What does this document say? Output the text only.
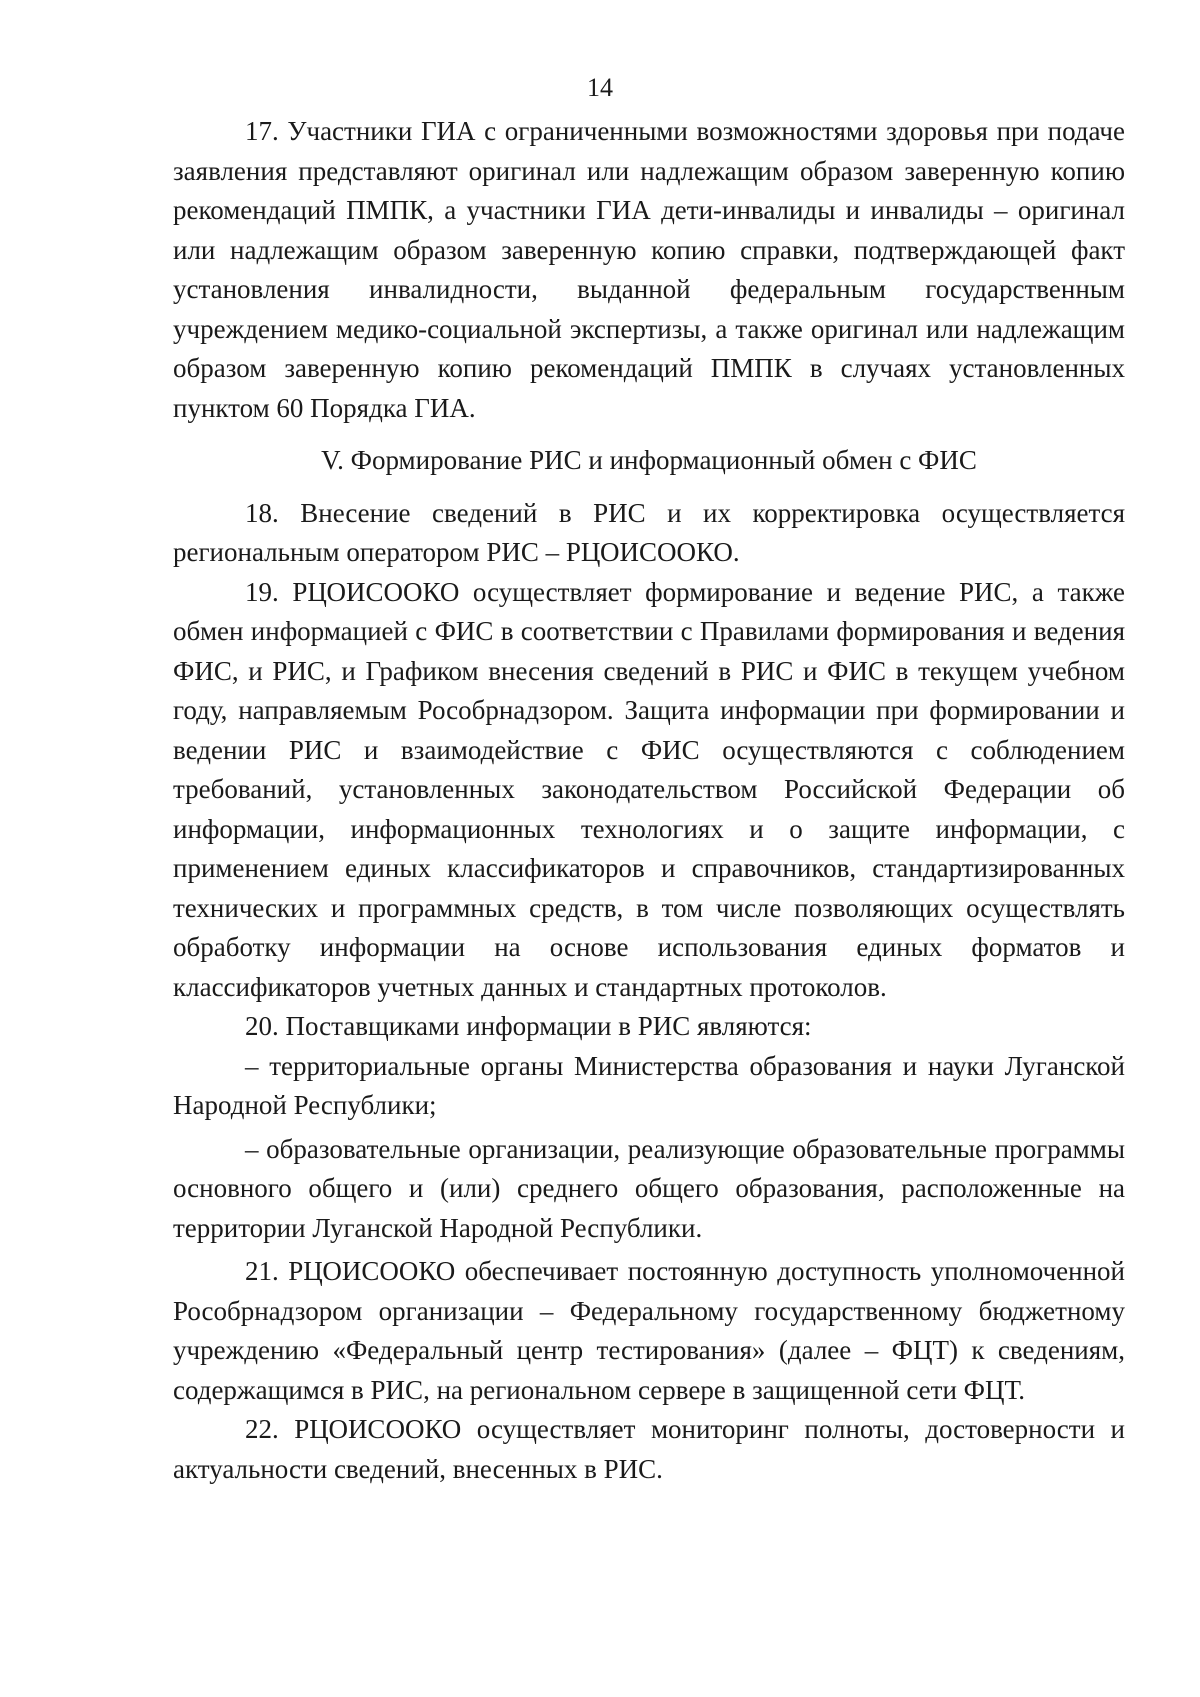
14

17. Участники ГИА с ограниченными возможностями здоровья при подаче заявления представляют оригинал или надлежащим образом заверенную копию рекомендаций ПМПК, а участники ГИА дети-инвалиды и инвалиды – оригинал или надлежащим образом заверенную копию справки, подтверждающей факт установления инвалидности, выданной федеральным государственным учреждением медико-социальной экспертизы, а также оригинал или надлежащим образом заверенную копию рекомендаций ПМПК в случаях установленных пунктом 60 Порядка ГИА.

V. Формирование РИС и информационный обмен с ФИС

18. Внесение сведений в РИС и их корректировка осуществляется региональным оператором РИС – РЦОИСООКО.

19. РЦОИСООКО осуществляет формирование и ведение РИС, а также обмен информацией с ФИС в соответствии с Правилами формирования и ведения ФИС, и РИС, и Графиком внесения сведений в РИС и ФИС в текущем учебном году, направляемым Рособрнадзором. Защита информации при формировании и ведении РИС и взаимодействие с ФИС осуществляются с соблюдением требований, установленных законодательством Российской Федерации об информации, информационных технологиях и о защите информации, с применением единых классификаторов и справочников, стандартизированных технических и программных средств, в том числе позволяющих осуществлять обработку информации на основе использования единых форматов и классификаторов учетных данных и стандартных протоколов.

20. Поставщиками информации в РИС являются:

– территориальные органы Министерства образования и науки Луганской Народной Республики;

– образовательные организации, реализующие образовательные программы основного общего и (или) среднего общего образования, расположенные на территории Луганской Народной Республики.

21. РЦОИСООКО обеспечивает постоянную доступность уполномоченной Рособрнадзором организации – Федеральному государственному бюджетному учреждению «Федеральный центр тестирования» (далее – ФЦТ) к сведениям, содержащимся в РИС, на региональном сервере в защищенной сети ФЦТ.

22. РЦОИСООКО осуществляет мониторинг полноты, достоверности и актуальности сведений, внесенных в РИС.
